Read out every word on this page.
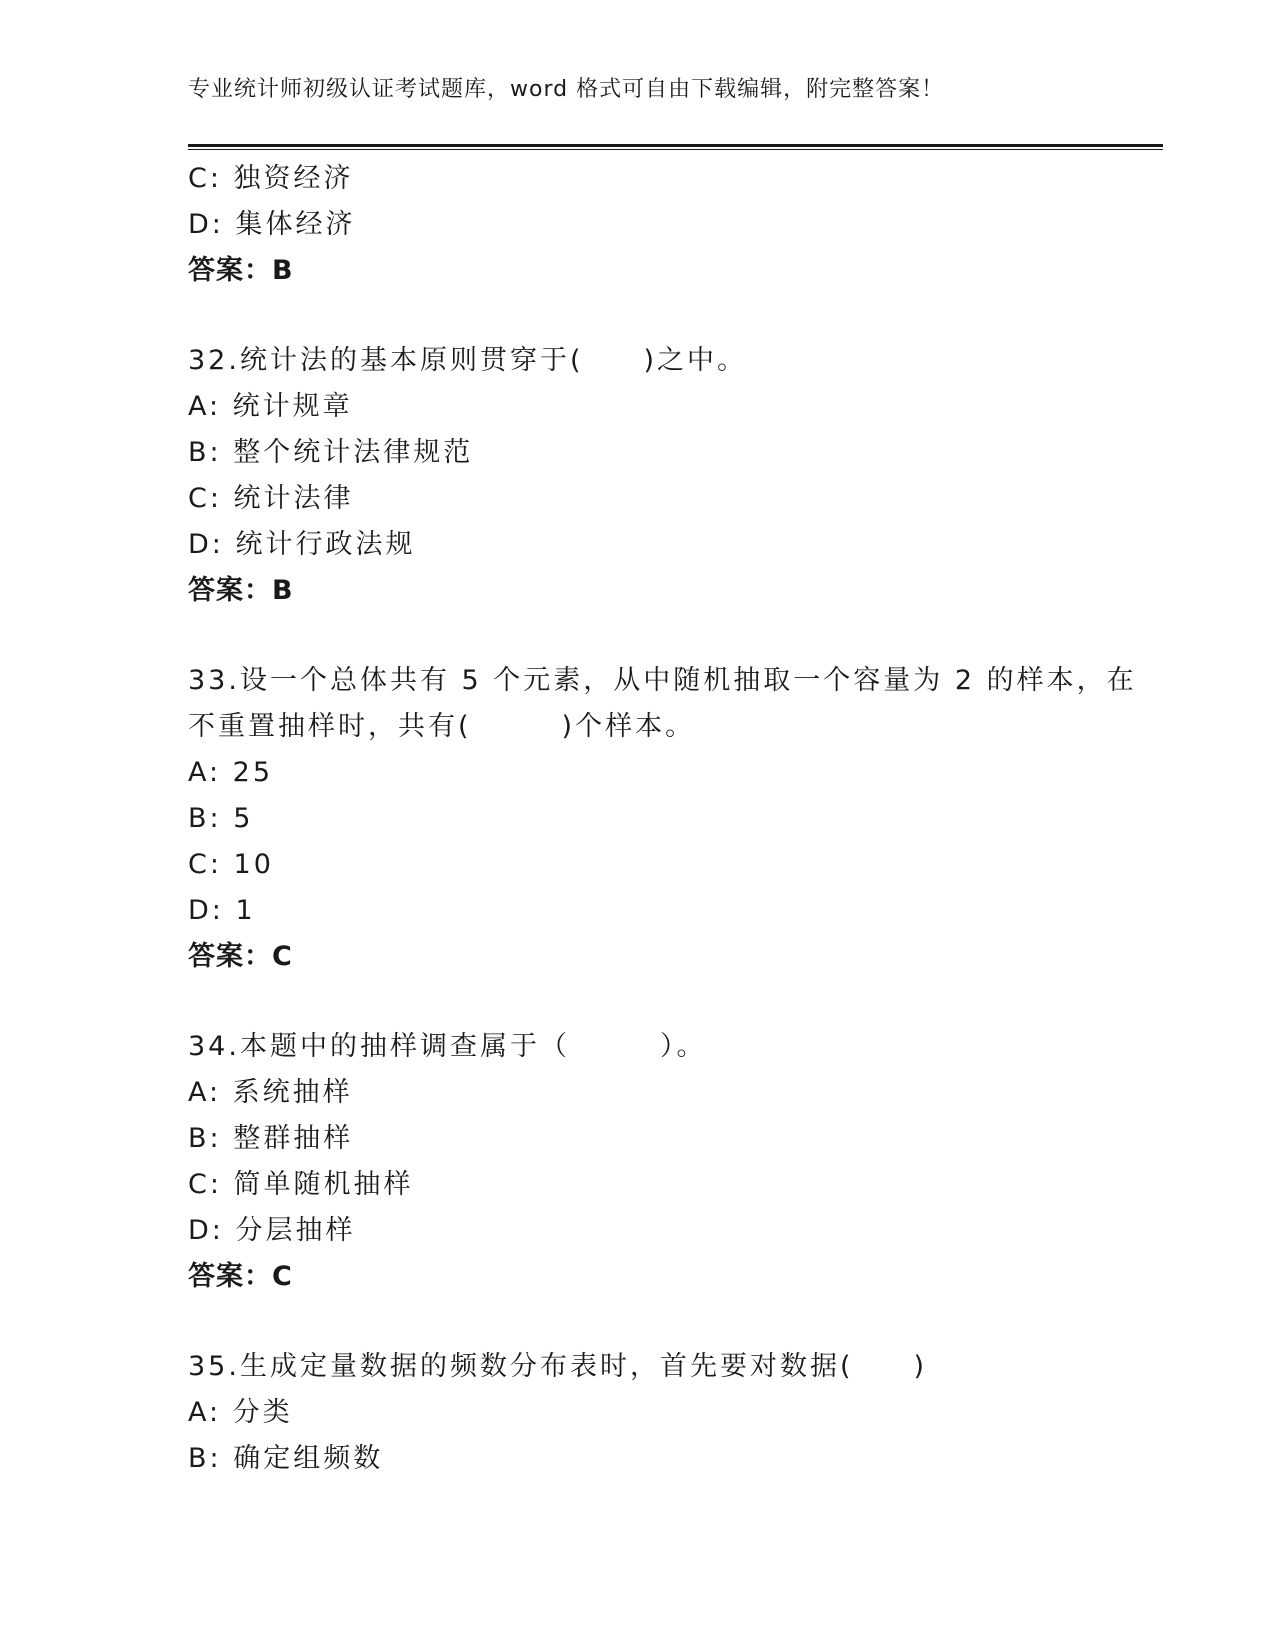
专业统计师初级认证考试题库，word 格式可自由下载编辑，附完整答案！
C: 独资经济
D: 集体经济
答案：B
32.统计法的基本原则贯穿于(　　)之中。
A: 统计规章
B: 整个统计法律规范
C: 统计法律
D: 统计行政法规
答案：B
33.设一个总体共有 5 个元素，从中随机抽取一个容量为 2 的样本，在
不重置抽样时，共有(　　　)个样本。
A: 25
B: 5
C: 10
D: 1
答案：C
34.本题中的抽样调查属于（　　　）。
A: 系统抽样
B: 整群抽样
C: 简单随机抽样
D: 分层抽样
答案：C
35.生成定量数据的频数分布表时，首先要对数据(　　)
A: 分类
B: 确定组频数
